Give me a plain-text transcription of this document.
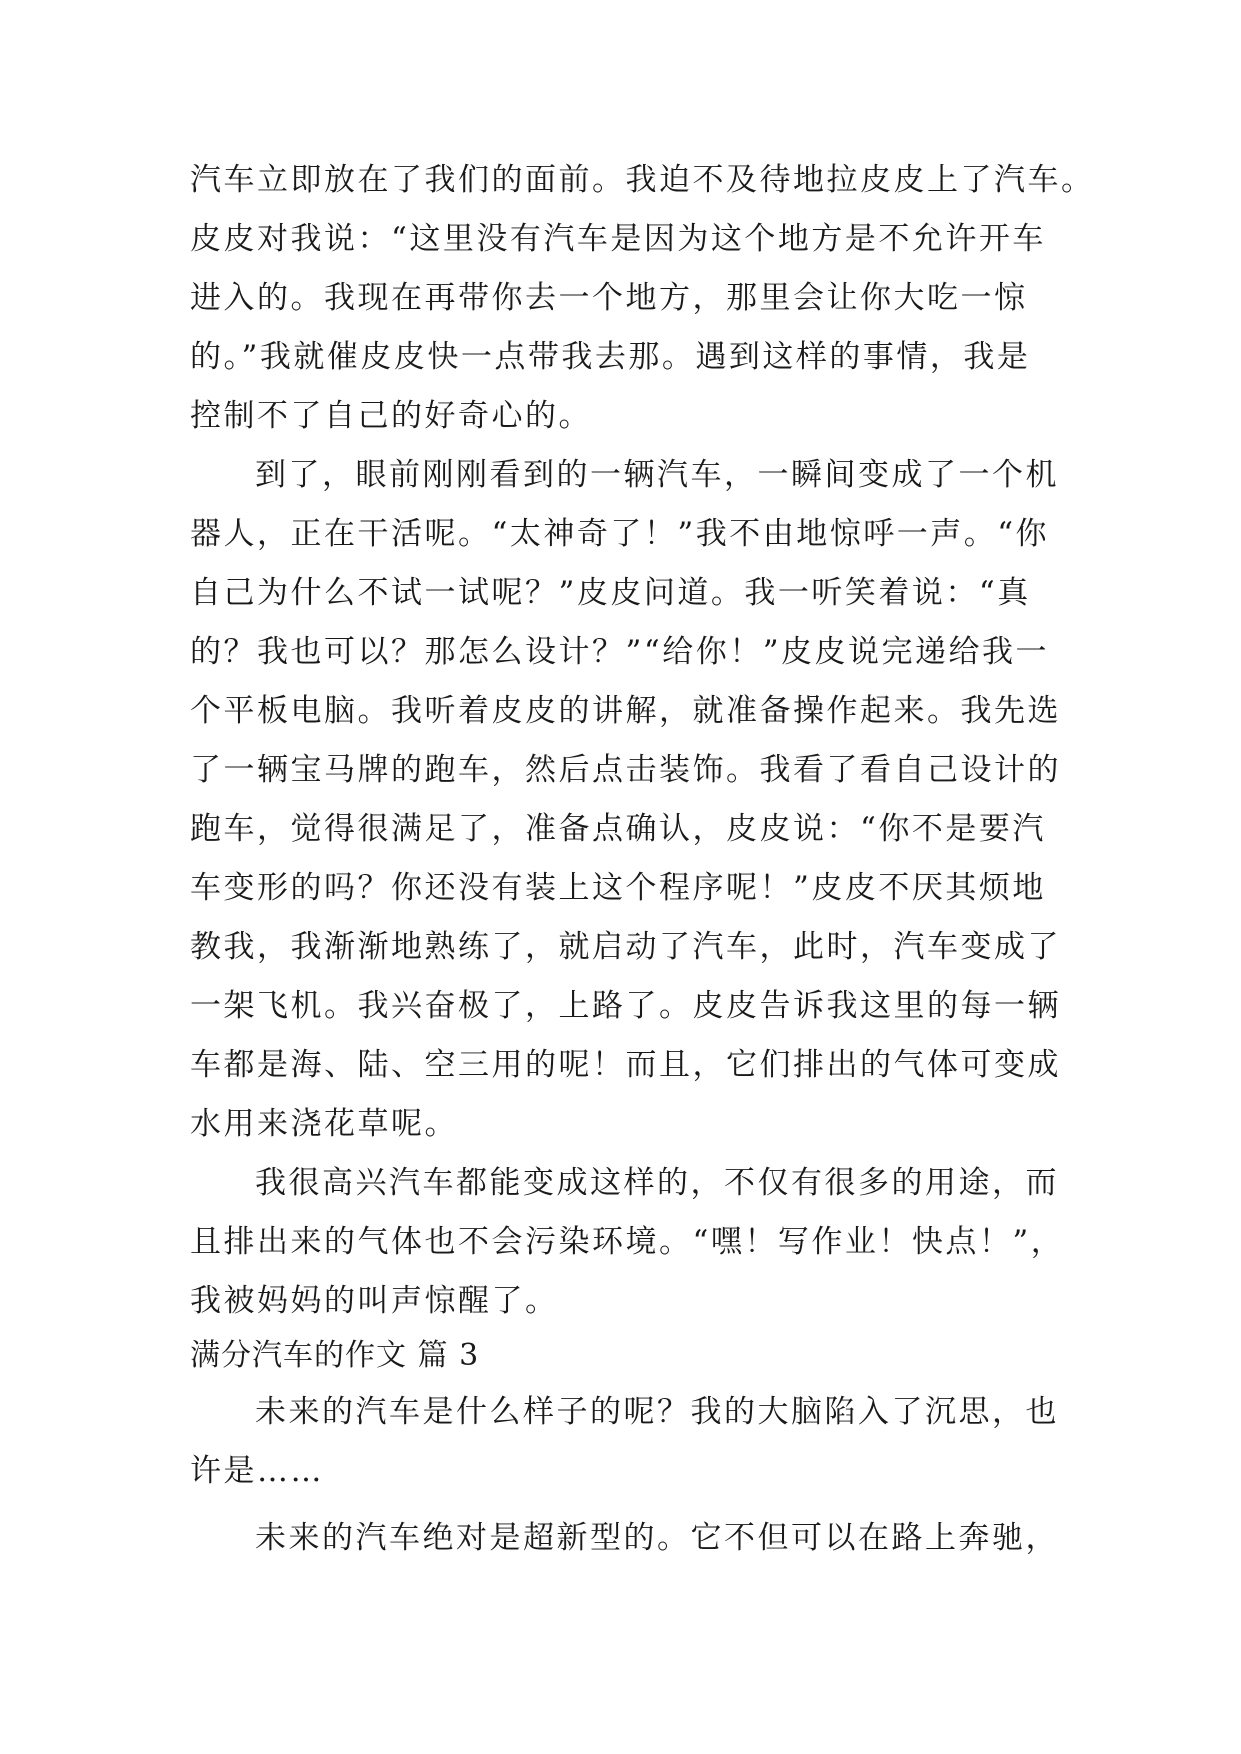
汽车立即放在了我们的面前。我迫不及待地拉皮皮上了汽车。
皮皮对我说：“这里没有汽车是因为这个地方是不允许开车
进入的。我现在再带你去一个地方，那里会让你大吃一惊
的。”我就催皮皮快一点带我去那。遇到这样的事情，我是
控制不了自己的好奇心的。
到了，眼前刚刚看到的一辆汽车，一瞬间变成了一个机
器人，正在干活呢。“太神奇了！”我不由地惊呼一声。“你
自己为什么不试一试呢？”皮皮问道。我一听笑着说：“真
的？我也可以？那怎么设计？”“给你！”皮皮说完递给我一
个平板电脑。我听着皮皮的讲解，就准备操作起来。我先选
了一辆宝马牌的跑车，然后点击装饰。我看了看自己设计的
跑车，觉得很满足了，准备点确认，皮皮说：“你不是要汽
车变形的吗？你还没有装上这个程序呢！”皮皮不厌其烦地
教我，我渐渐地熟练了，就启动了汽车，此时，汽车变成了
一架飞机。我兴奋极了，上路了。皮皮告诉我这里的每一辆
车都是海、陆、空三用的呢！而且，它们排出的气体可变成
水用来浇花草呢。
我很高兴汽车都能变成这样的，不仅有很多的用途，而
且排出来的气体也不会污染环境。“嘿！写作业！快点！”，
我被妈妈的叫声惊醒了。
满分汽车的作文 篇 3
未来的汽车是什么样子的呢？我的大脑陷入了沉思，也
许是……
未来的汽车绝对是超新型的。它不但可以在路上奔驰，
